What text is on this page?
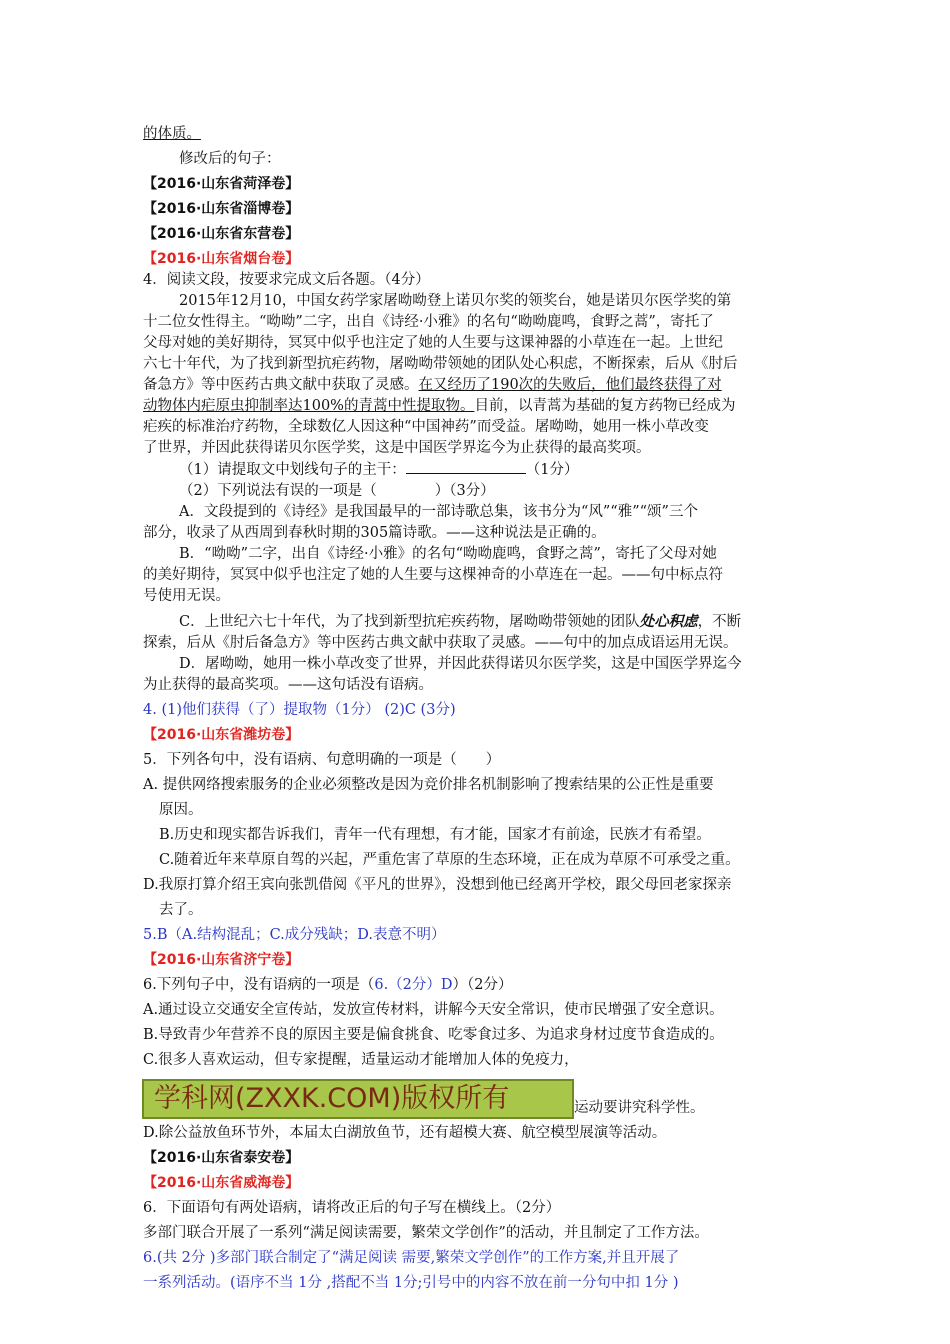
的体质。

修改后的句子：

【2016·山东省菏泽卷】

【2016·山东省淄博卷】

【2016·山东省东营卷】

【2016·山东省烟台卷】

4．阅读文段，按要求完成文后各题。（4分）

2015年12月10，中国女药学家屠呦呦登上诺贝尔奖的领奖台，她是诺贝尔医学奖的第

十二位女性得主。“呦呦”二字，出自《诗经·小雅》的名句“呦呦鹿鸣，食野之蒿”，寄托了

父母对她的美好期待，冥冥中似乎也注定了她的人生要与这课神器的小草连在一起。上世纪

六七十年代，为了找到新型抗疟药物，屠呦呦带领她的团队处心积虑，不断探索，后从《肘后

备急方》等中医药古典文献中获取了灵感。在又经历了190次的失败后，他们最终获得了对

动物体内疟原虫抑制率达100%的青蒿中性提取物。目前，以青蒿为基础的复方药物已经成为

疟疾的标准治疗药物，全球数亿人因这种“中国神药”而受益。屠呦呦，她用一株小草改变

了世界，并因此获得诺贝尔医学奖，这是中国医学界迄今为止获得的最高奖项。

（1）请提取文中划线句子的主干：	（1分）

（2）下列说法有误的一项是（　　　　）（3分）

A．文段提到的《诗经》是我国最早的一部诗歌总集，该书分为“风”“雅”“颂”三个

部分，收录了从西周到春秋时期的305篇诗歌。——这种说法是正确的。

B．“呦呦”二字，出自《诗经·小雅》的名句“呦呦鹿鸣，食野之蒿”，寄托了父母对她

的美好期待，冥冥中似乎也注定了她的人生要与这棵神奇的小草连在一起。——句中标点符

号使用无误。

C．上世纪六七十年代，为了找到新型抗疟疾药物，屠呦呦带领她的团队处心积虑，不断

探索，后从《肘后备急方》等中医药古典文献中获取了灵感。——句中的加点成语运用无误。

D．屠呦呦，她用一株小草改变了世界，并因此获得诺贝尔医学奖，这是中国医学界迄今

为止获得的最高奖项。——这句话没有语病。

4. (1)他们获得（了）提取物（1分） (2)C (3分)

【2016·山东省潍坊卷】

5．下列各句中，没有语病、句意明确的一项是（　　）

A. 提供网络搜索服务的企业必须整改是因为竞价排名机制影响了搜索结果的公正性是重要

原因。

B.历史和现实都告诉我们，青年一代有理想，有才能，国家才有前途，民族才有希望。

C.随着近年来草原自驾的兴起，严重危害了草原的生态环境，正在成为草原不可承受之重。

D.我原打算介绍王宾向张凯借阅《平凡的世界》，没想到他已经离开学校，跟父母回老家探亲

去了。

5.B（A.结构混乱；C.成分残缺；D.表意不明）

【2016·山东省济宁卷】

6.下列句子中，没有语病的一项是（6.（2分）D）（2分）

A.通过设立交通安全宣传站，发放宣传材料，讲解今天安全常识，使市民增强了安全意识。

B.导致青少年营养不良的原因主要是偏食挑食、吃零食过多、为追求身材过度节食造成的。

C.很多人喜欢运动，但专家提醒，适量运动才能增加人体的免疫力，

学科网(ZXXK.COM)版权所有	运动要讲究科学性。

D.除公益放鱼环节外，本届太白湖放鱼节，还有超模大赛、航空模型展演等活动。

【2016·山东省泰安卷】

【2016·山东省威海卷】

6．下面语句有两处语病，请将改正后的句子写在横线上。（2分）

多部门联合开展了一系列“满足阅读需要，繁荣文学创作”的活动，并且制定了工作方法。

6.(共 2分 )多部门联合制定了“满足阅读 需要,繁荣文学创作”的工作方案,并且开展了

一系列活动。(语序不当 1分 ,搭配不当 1分;引号中的内容不放在前一分句中扣 1分 )
